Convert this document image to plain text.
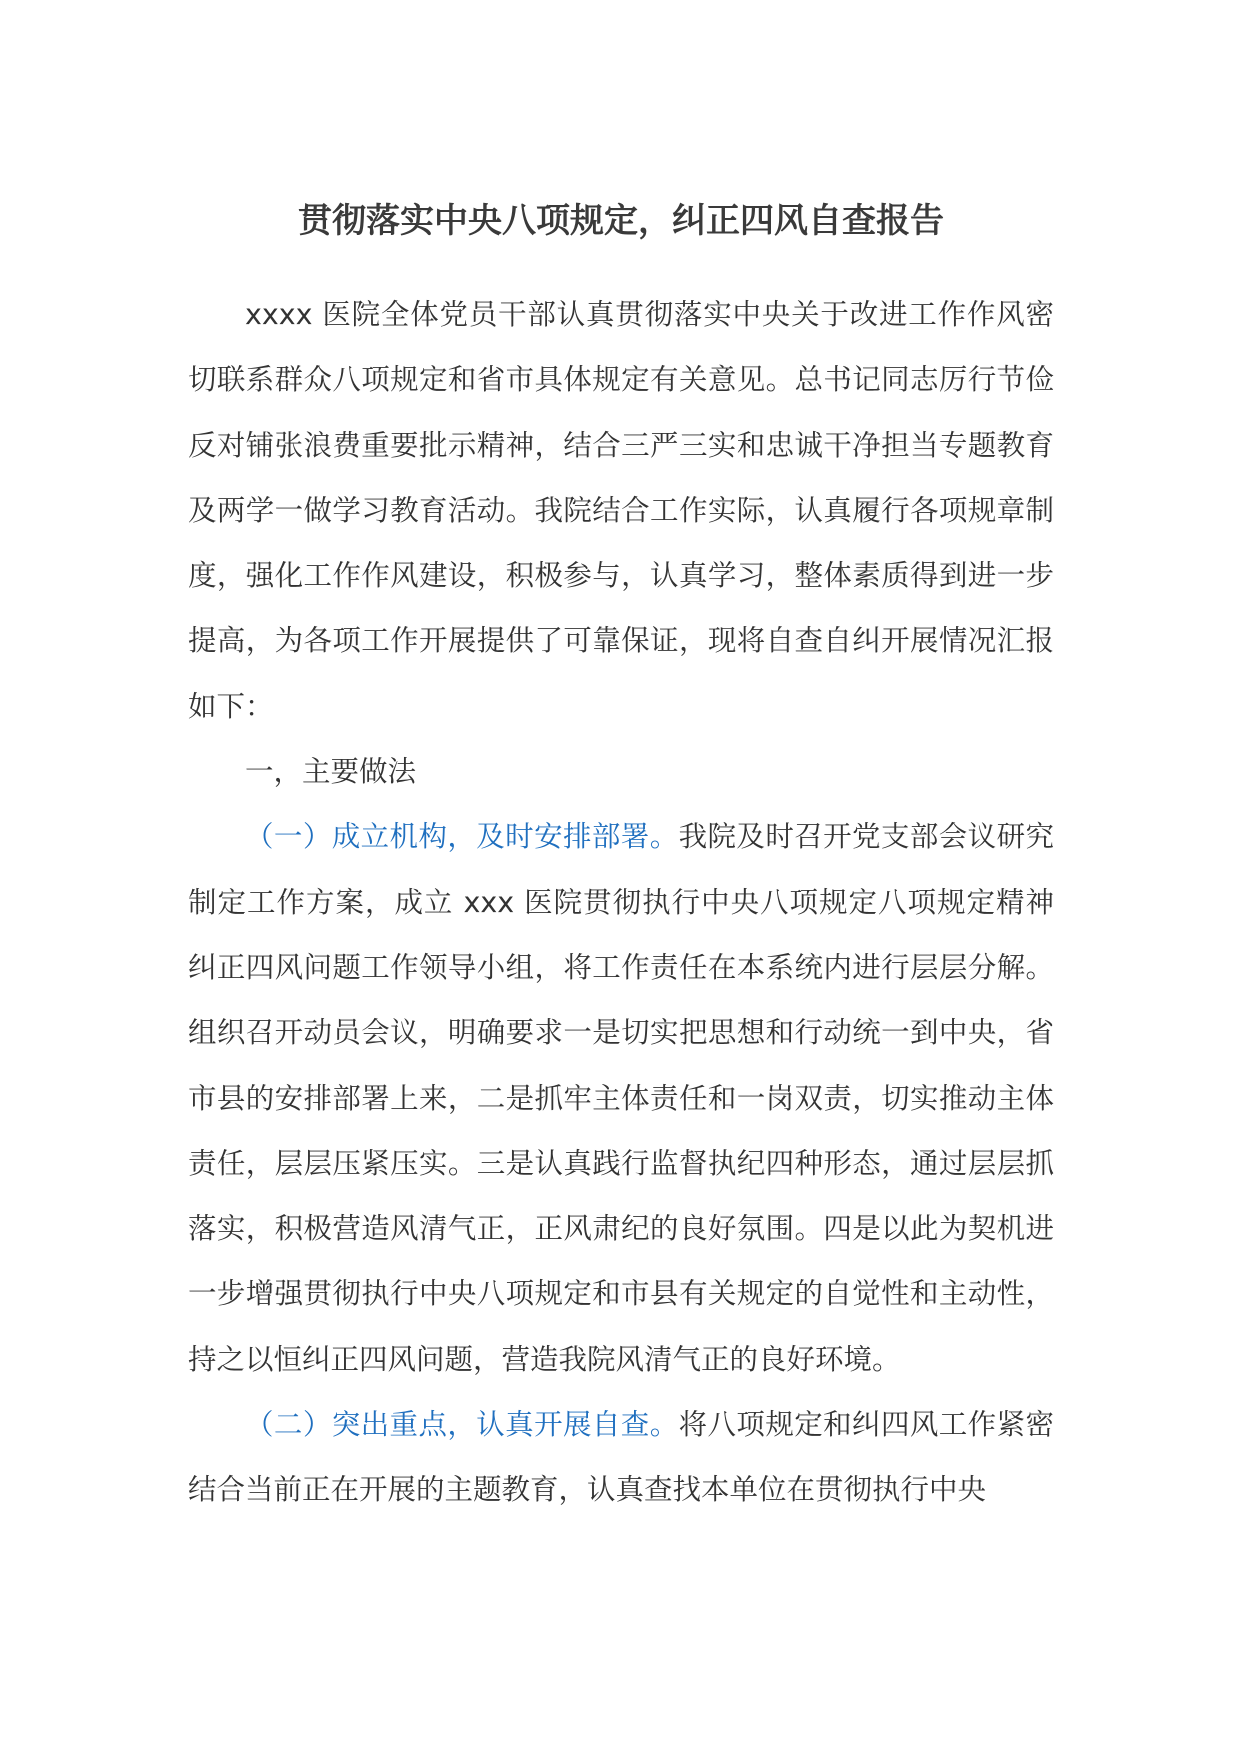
贯彻落实中央八项规定，纠正四风自查报告

xxxx 医院全体党员干部认真贯彻落实中央关于改进工作作风密切联系群众八项规定和省市具体规定有关意见。总书记同志厉行节俭反对铺张浪费重要批示精神，结合三严三实和忠诚干净担当专题教育及两学一做学习教育活动。我院结合工作实际，认真履行各项规章制度，强化工作作风建设，积极参与，认真学习，整体素质得到进一步提高，为各项工作开展提供了可靠保证，现将自查自纠开展情况汇报如下：

一，主要做法

（一）成立机构，及时安排部署。我院及时召开党支部会议研究制定工作方案，成立 xxx 医院贯彻执行中央八项规定八项规定精神纠正四风问题工作领导小组，将工作责任在本系统内进行层层分解。组织召开动员会议，明确要求一是切实把思想和行动统一到中央，省市县的安排部署上来，二是抓牢主体责任和一岗双责，切实推动主体责任，层层压紧压实。三是认真践行监督执纪四种形态，通过层层抓落实，积极营造风清气正，正风肃纪的良好氛围。四是以此为契机进一步增强贯彻执行中央八项规定和市县有关规定的自觉性和主动性，持之以恒纠正四风问题，营造我院风清气正的良好环境。

（二）突出重点，认真开展自查。将八项规定和纠四风工作紧密结合当前正在开展的主题教育，认真查找本单位在贯彻执行中央
